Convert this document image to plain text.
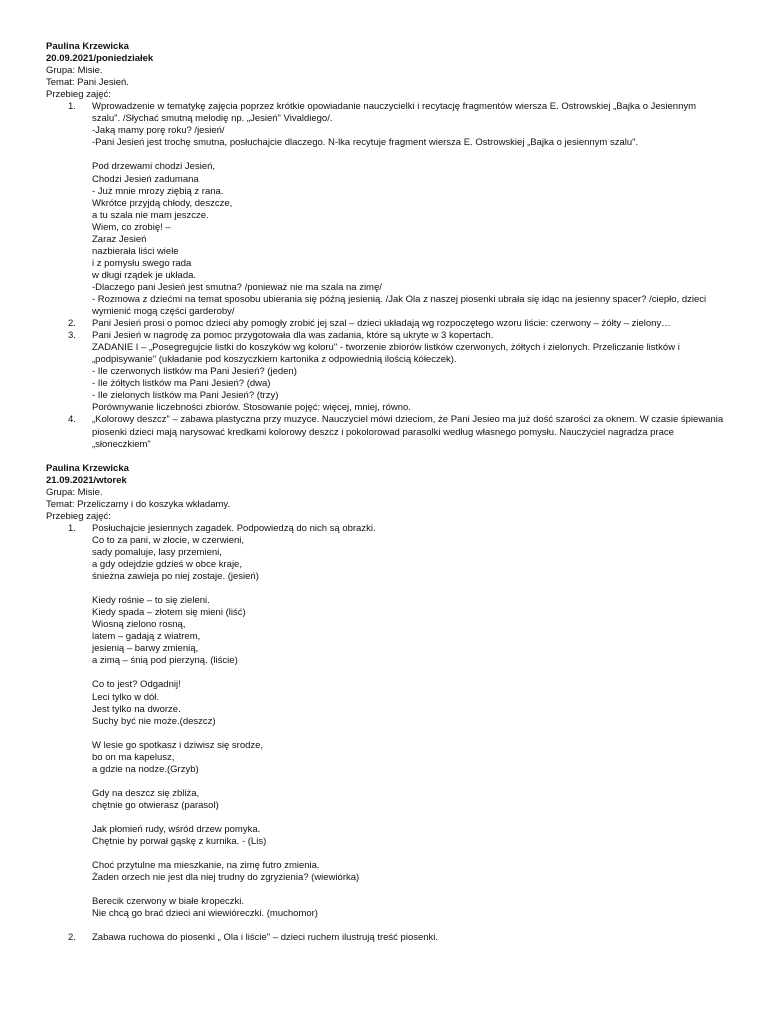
Paulina Krzewicka
20.09.2021/poniedziałek
Grupa: Misie.
Temat: Pani Jesień.
Przebieg zajęć:
Wprowadzenie w tematykę zajęcia poprzez krótkie opowiadanie nauczycielki i recytację fragmentów wiersza E. Ostrowskiej „Bajka o Jesiennym
1.
szalu". /Słychać smutną melodię np. „Jesień" Vivaldiego/.
-Jaką mamy porę roku? /jesień/
-Pani Jesień jest trochę smutna, posłuchajcie dlaczego. N-lka recytuje fragment wiersza E. Ostrowskiej „Bajka o jesiennym szalu".
Pod drzewami chodzi Jesień,
Chodzi Jesień zadumana
- Już mnie mrozy ziębią z rana.
Wkrótce przyjdą chłody, deszcze,
a tu szala nie mam jeszcze.
Wiem, co zrobię! –
Zaraz Jesień
nazbierała liści wiele
i z pomysłu swego rada
w długi rządek je układa.
-Dlaczego pani Jesień jest smutna? /ponieważ nie ma szala na zimę/
- Rozmowa z dziećmi na temat sposobu ubierania się późną jesienią. /Jak Ola z naszej piosenki ubrała się idąc na jesienny spacer? /ciepło, dzieci
wymienić mogą części garderoby/
Pani Jesień prosi o pomoc dzieci aby pomogły zrobić jej szal – dzieci układają wg rozpoczętego wzoru liście: czerwony – żółty – zielony…
2.
Pani Jesień w nagrodę za pomoc przygotowała dla was zadania, które są ukryte w 3 kopertach.
3.
ZADANIE I – „Posegregujcie listki do koszyków wg koloru" - tworzenie zbiorów listków czerwonych, żółtych i zielonych. Przeliczanie listków i
„podpisywanie" (układanie pod koszyczkiem kartonika z odpowiednią ilością kółeczek).
- Ile czerwonych listków ma Pani Jesień? (jeden)
- Ile żółtych listków ma Pani Jesień? (dwa)
- Ile zielonych listków ma Pani Jesień? (trzy)
Porównywanie liczebności zbiorów. Stosowanie pojęć: więcej, mniej, równo.
„Kolorowy deszcz" – zabawa plastyczna przy muzyce. Nauczyciel mówi dzieciom, że Pani Jesieo ma już dość szarości za oknem. W czasie śpiewania
4.
piosenki dzieci mają narysować kredkami kolorowy deszcz i pokolorowad parasolki według własnego pomysłu. Nauczyciel nagradza prace
„słoneczkiem"
Paulina Krzewicka
21.09.2021/wtorek
Grupa: Misie.
Temat: Przeliczamy i do koszyka wkładamy.
Przebieg zajęć:
Posłuchajcie jesiennych zagadek. Podpowiedzą do nich są obrazki.
1.
Co to za pani, w złocie, w czerwieni,
sady pomaluje, lasy przemieni,
a gdy odejdzie gdzieś w obce kraje,
śnieżna zawieja po niej zostaje. (jesień)
Kiedy rośnie – to się zieleni.
Kiedy spada – złotem się mieni (liść)
Wiosną zielono rosną,
latem – gadają z wiatrem,
jesienią – barwy zmienią,
a zimą – śnią pod pierzyną. (liście)
Co to jest? Odgadnij!
Leci tylko w dół.
Jest tylko na dworze.
Suchy być nie może.(deszcz)
W lesie go spotkasz i dziwisz się srodze,
bo on ma kapelusz,
a gdzie na nodze.(Grzyb)
Gdy na deszcz się zbliża,
chętnie go otwierasz (parasol)
Jak płomień rudy, wśród drzew pomyka.
Chętnie by porwał gąskę z kurnika. - (Lis)
Choć przytulne ma mieszkanie, na zimę futro zmienia.
Żaden orzech nie jest dla niej trudny do zgryzienia? (wiewiórka)
Berecik czerwony w białe kropeczki.
Nie chcą go brać dzieci ani wiewióreczki. (muchomor)
Zabawa ruchowa do piosenki „ Ola i liście" – dzieci ruchem ilustrują treść piosenki.
2.
